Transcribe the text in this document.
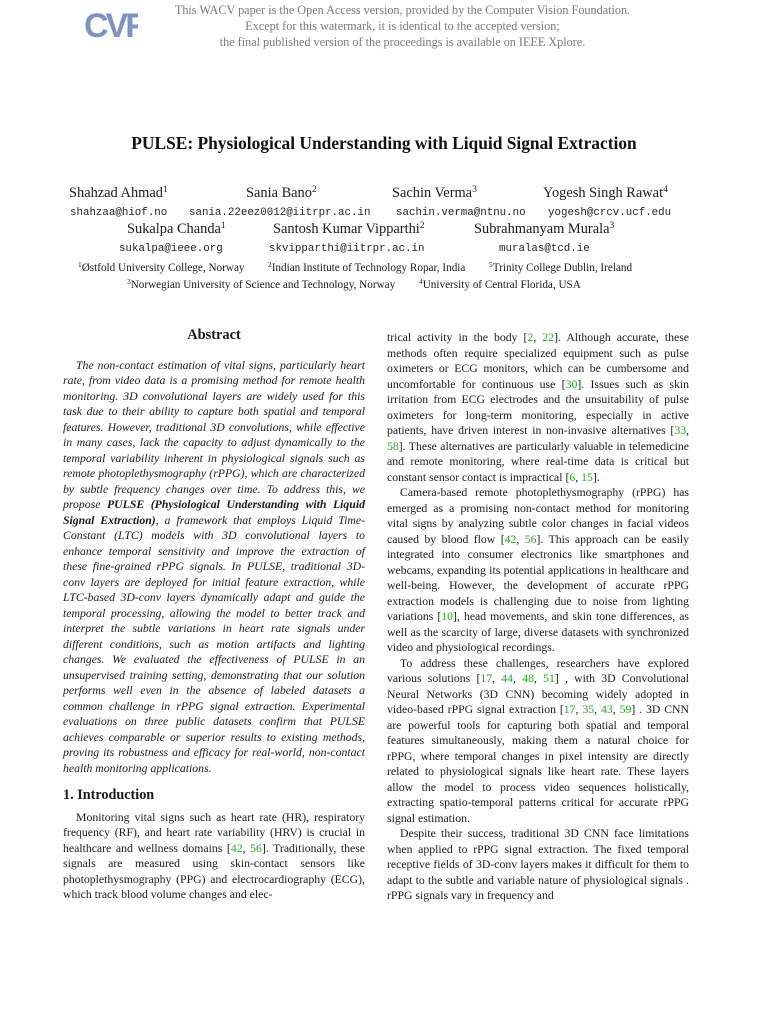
CVF	This WACV paper is the Open Access version, provided by the Computer Vision Foundation.
Except for this watermark, it is identical to the accepted version;
the final published version of the proceedings is available on IEEE Xplore.
PULSE: Physiological Understanding with Liquid Signal Extraction
Shahzad Ahmad$^1$	Sania Bano$^2$	Sachin Verma$^3$	Yogesh Singh Rawat$^4$
shahzaa@hiof.no sania.22eez0012@iitrpr.ac.in sachin.verma@ntnu.no yogesh@crcv.ucf.edu
Sukalpa Chanda$^1$	Santosh Kumar Vipparthi$^2$	Subrahmanyam Murala$^3$
sukalpa@ieee.org	skvipparthi@iitrpr.ac.in	muralas@tcd.ie
$^1$Østfold University College, Norway	$^2$Indian Institute of Technology Ropar, India	$^5$Trinity College Dublin, Ireland
$^3$Norwegian University of Science and Technology, Norway	$^4$University of Central Florida, USA
Abstract

The non-contact estimation of vital signs, particularly heart rate, from video data is a promising method for remote health monitoring. 3D convolutional layers are widely used for this task due to their ability to capture both spatial and temporal features. However, traditional 3D convolutions, while effective in many cases, lack the capacity to adjust dynamically to the temporal variability inherent in physiological signals such as remote photoplethysmography (rPPG), which are characterized by subtle frequency changes over time. To address this, we propose PULSE (Physiological Understanding with Liquid Signal Extraction), a framework that employs Liquid Time-Constant (LTC) models with 3D convolutional layers to enhance temporal sensitivity and improve the extraction of these fine-grained rPPG signals. In PULSE, traditional 3D-conv layers are deployed for initial feature extraction, while LTC-based 3D-conv layers dynamically adapt and guide the temporal processing, allowing the model to better track and interpret the subtle variations in heart rate signals under different conditions, such as motion artifacts and lighting changes. We evaluated the effectiveness of PULSE in an unsupervised training setting, demonstrating that our solution performs well even in the absence of labeled datasets a common challenge in rPPG signal extraction. Experimental evaluations on three public datasets confirm that PULSE achieves comparable or superior results to existing methods, proving its robustness and efficacy for real-world, non-contact health monitoring applications.

1. Introduction

Monitoring vital signs such as heart rate (HR), respiratory frequency (RF), and heart rate variability (HRV) is crucial in healthcare and wellness domains [42, 56]. Traditionally, these signals are measured using skin-contact sensors like photoplethysmography (PPG) and electrocardiography (ECG), which track blood volume changes and elec-

trical activity in the body [2, 22]. Although accurate, these methods often require specialized equipment such as pulse oximeters or ECG monitors, which can be cumbersome and uncomfortable for continuous use [30]. Issues such as skin irritation from ECG electrodes and the unsuitability of pulse oximeters for long-term monitoring, especially in active patients, have driven interest in non-invasive alternatives [33, 58]. These alternatives are particularly valuable in telemedicine and remote monitoring, where real-time data is critical but constant sensor contact is impractical [6, 15].

Camera-based remote photoplethysmography (rPPG) has emerged as a promising non-contact method for monitoring vital signs by analyzing subtle color changes in facial videos caused by blood flow [42, 56]. This approach can be easily integrated into consumer electronics like smartphones and webcams, expanding its potential applications in healthcare and well-being. However, the development of accurate rPPG extraction models is challenging due to noise from lighting variations [10], head movements, and skin tone differences, as well as the scarcity of large, diverse datasets with synchronized video and physiological recordings.

To address these challenges, researchers have explored various solutions [17, 44, 48, 51] , with 3D Convolutional Neural Networks (3D CNN) becoming widely adopted in video-based rPPG signal extraction [17, 35, 43, 59] . 3D CNN are powerful tools for capturing both spatial and temporal features simultaneously, making them a natural choice for rPPG, where temporal changes in pixel intensity are directly related to physiological signals like heart rate. These layers allow the model to process video sequences holistically, extracting spatio-temporal patterns critical for accurate rPPG signal estimation.

Despite their success, traditional 3D CNN face limitations when applied to rPPG signal extraction. The fixed temporal receptive fields of 3D-conv layers makes it difficult for them to adapt to the subtle and variable nature of physiological signals . rPPG signals vary in frequency and
